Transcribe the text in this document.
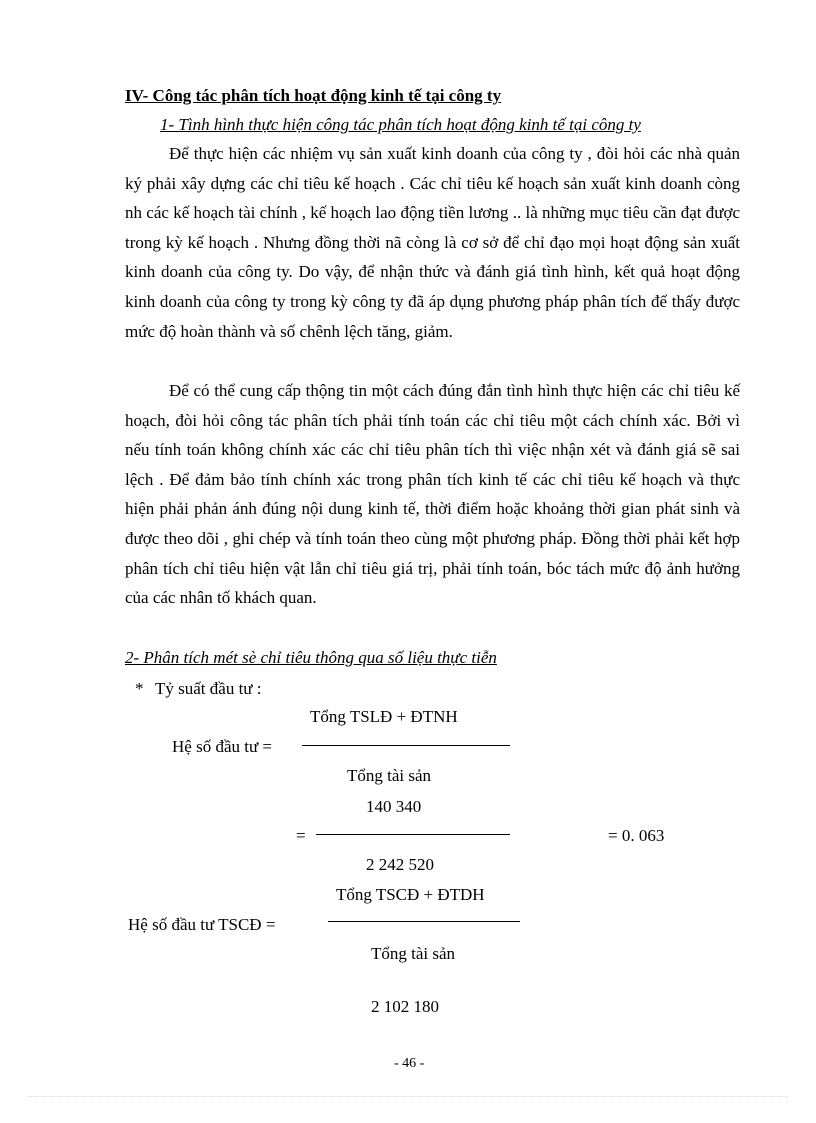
IV- Công tác phân tích hoạt động kinh tế tại công ty
1- Tình hình thực hiện công tác phân tích hoạt động kinh tế tại công ty

Để thực hiện các nhiệm vụ sản xuất kinh doanh của công ty , đòi hỏi các nhà quản ký phải xây dựng các chỉ tiêu kế hoạch . Các chỉ tiêu kế hoạch sản xuất kinh doanh còng nh các kế hoạch tài chính , kế hoạch lao động tiền lương .. là những mục tiêu cần đạt được trong kỳ kế hoạch . Nhưng đồng thời nã còng là cơ sở để chỉ đạo mọi hoạt động sản xuất kinh doanh của công ty. Do vậy, để nhận thức và đánh giá tình hình, kết quả hoạt động kinh doanh của công ty trong kỳ công ty đã áp dụng phương pháp phân tích để thấy được mức độ hoàn thành và số chênh lệch tăng, giảm.

Để có thể cung cấp thộng tin một cách đúng đắn tình hình thực hiện các chỉ tiêu kế hoạch, đòi hỏi công tác phân tích phải tính toán các chỉ tiêu một cách chính xác. Bởi vì nếu tính toán không chính xác các chỉ tiêu phân tích thì việc nhận xét và đánh giá sẽ sai lệch . Để đảm bảo tính chính xác trong phân tích kinh tế các chỉ tiêu kế hoạch và thực hiện phải phản ánh đúng nội dung kinh tế, thời điểm hoặc khoảng thời gian phát sinh và được theo dõi , ghi chép và tính toán theo cùng một phương pháp. Đồng thời phải kết hợp phân tích chỉ tiêu hiện vật lẫn chỉ tiêu giá trị, phải tính toán, bóc tách mức độ ảnh hưởng của các nhân tố khách quan.

2- Phân tích mét sè chỉ tiêu thông qua số liệu thực tiễn
* Tỷ suất đầu tư :
Tổng TSLĐ + ĐTNH
Hệ số đầu tư =
Tổng tài sản
140 340
=	= 0. 063
2 242 520
Tổng TSCĐ + ĐTDH
Hệ số đầu tư TSCĐ =
Tổng tài sản
2 102 180
- 46 -
